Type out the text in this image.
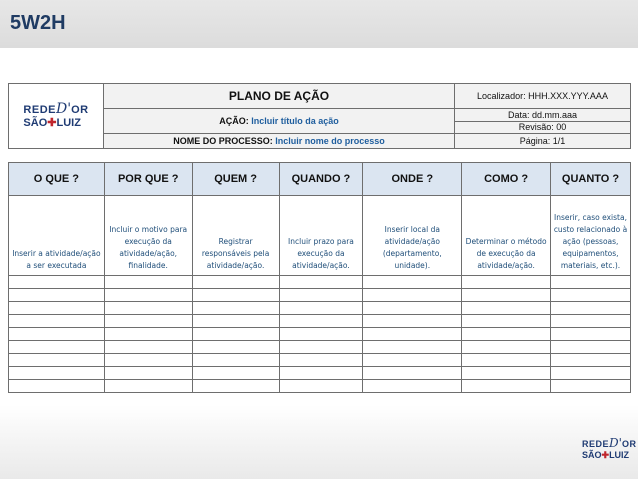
5W2H
REDED'OR
SÃO✚LUIZ	PLANO DE AÇÃO	Localizador: HHH.XXX.YYY.AAA
	AÇÃO: Incluir título da ação	Data: dd.mm.aaa
		Revisão: 00
	NOME DO PROCESSO: Incluir nome do processo	Página: 1/1
O QUE ?	POR QUE ?	QUEM ?	QUANDO ?	ONDE ?	COMO ?	QUANTO ?
Inserir a atividade/ação a ser executada	Incluir o motivo para execução da atividade/ação, finalidade.	Registrar responsáveis pela atividade/ação.	Incluir prazo para execução da atividade/ação.	Inserir local da atividade/ação (departamento, unidade).	Determinar o método de execução da atividade/ação.	Inserir, caso exista, custo relacionado à ação (pessoas, equipamentos, materiais, etc.).

REDED'OR
SÃO✚LUIZ
